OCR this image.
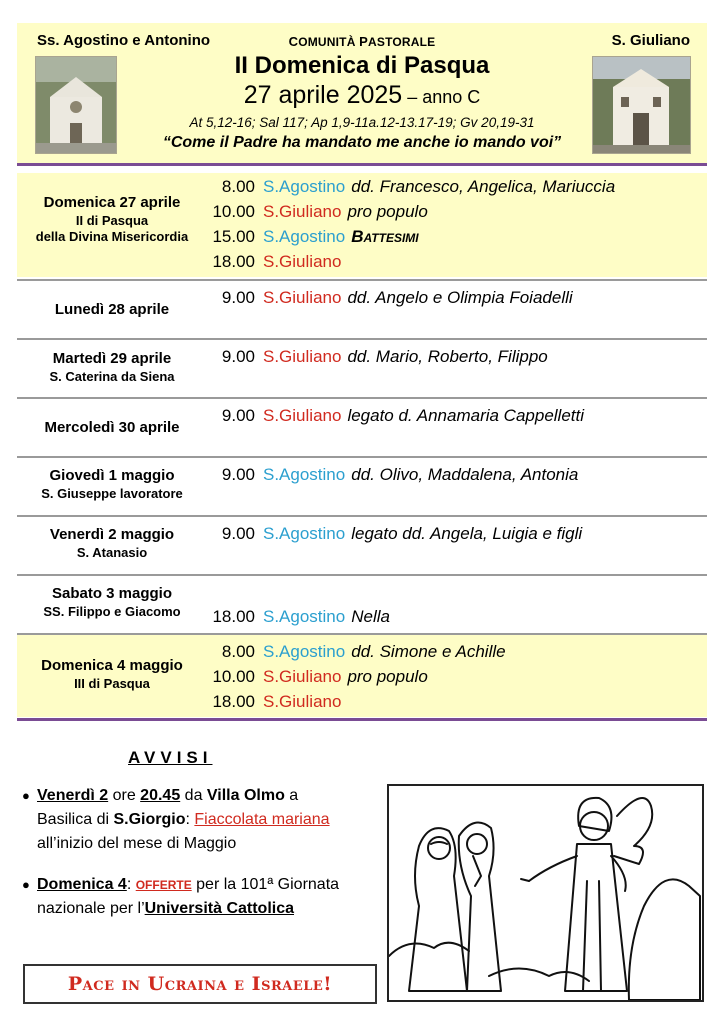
Ss. Agostino e Antonino	COMUNITÀ PASTORALE	S. Giuliano
II Domenica di Pasqua
27 aprile 2025 – anno C
At 5,12-16; Sal 117; Ap 1,9-11a.12-13.17-19; Gv 20,19-31
“Come il Padre ha mandato me anche io mando voi”
Domenica 27 aprile
II di Pasqua
della Divina Misericordia
8.00 S.Agostino dd. Francesco, Angelica, Mariuccia
10.00 S.Giuliano pro populo
15.00 S.Agostino Battesimi
18.00 S.Giuliano
Lunedì 28 aprile
9.00 S.Giuliano dd. Angelo e Olimpia Foiadelli
Martedì 29 aprile
S. Caterina da Siena
9.00 S.Giuliano dd. Mario, Roberto, Filippo
Mercoledì 30 aprile
9.00 S.Giuliano legato d. Annamaria Cappelletti
Giovedì 1 maggio
S. Giuseppe lavoratore
9.00 S.Agostino dd. Olivo, Maddalena, Antonia
Venerdì 2 maggio
S. Atanasio
9.00 S.Agostino legato dd. Angela, Luigia e figli
Sabato 3 maggio
SS. Filippo e Giacomo	18.00 S.Agostino Nella
Domenica 4 maggio
III di Pasqua
8.00 S.Agostino dd. Simone e Achille
10.00 S.Giuliano pro populo
18.00 S.Giuliano
AVVISI
● Venerdì 2 ore 20.45 da Villa Olmo a
Basilica di S.Giorgio: Fiaccolata mariana
all’inizio del mese di Maggio
● Domenica 4: OFFERTE per la 101ª Giornata
nazionale per l’Università Cattolica
Pace in Ucraina e Israele!
